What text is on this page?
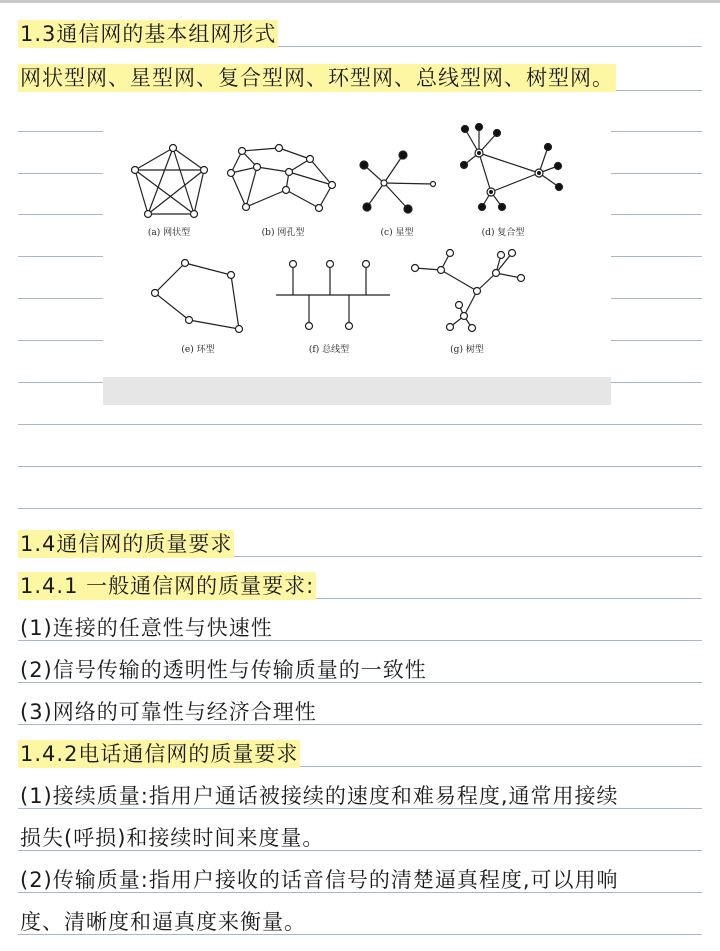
1.3通信网的基本组网形式
网状型网、星型网、复合型网、环型网、总线型网、树型网。
(a) 网状型	(b) 网孔型	(c) 星型	(d) 复合型
(e) 环型	(f) 总线型	(g) 树型
1.4通信网的质量要求
1.4.1 一般通信网的质量要求:
(1)连接的任意性与快速性
(2)信号传输的透明性与传输质量的一致性
(3)网络的可靠性与经济合理性
1.4.2电话通信网的质量要求
(1)接续质量:指用户通话被接续的速度和难易程度,通常用接续
损失(呼损)和接续时间来度量。
(2)传输质量:指用户接收的话音信号的清楚逼真程度,可以用响
度、清晰度和逼真度来衡量。
